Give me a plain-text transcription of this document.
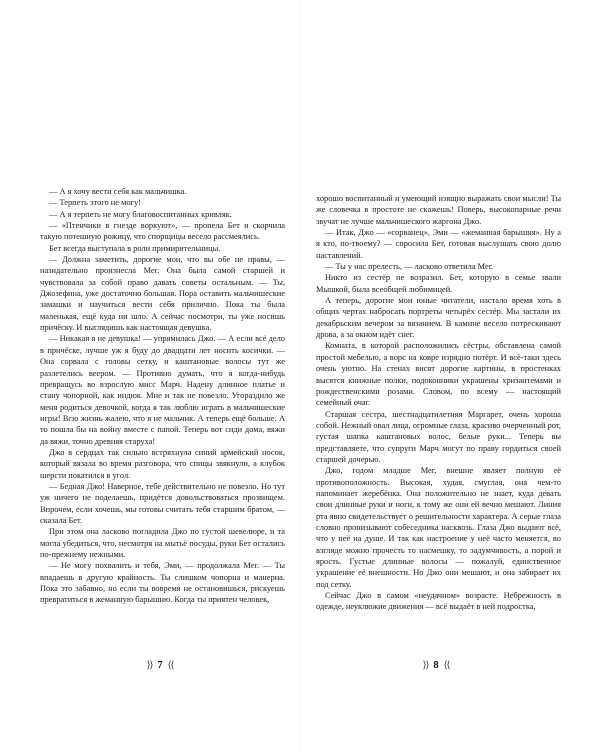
— А я хочу вести себя как мальчишка.

— Терпеть этого не могу!

— А я терпеть не могу благовоспитанных кривляк.

— «Птенчики в гнезде воркуют», — пропела Бет и скорчила такую потешную рожицу, что спорщицы весело рассмеялись.

Бет всегда выступала в роли примирительницы.

— Должна заметить, дорогие мои, что вы обе не правы, — назидательно произнесла Мег. Она была самой старшей и чувствовала за собой право давать советы остальным. — Ты, Джозефина, уже достаточно большая. Пора оставить мальчишеские замашки и научиться вести себя прилично. Пока ты была маленькая, ещё куда ни шло. А сейчас посмотри, ты уже носишь причёску. И выглядишь как настоящая девушка.

— Никакая я не девушка! — упрямилась Джо. — А если всё дело в причёске, лучше уж я буду до двадцати лет носить косички. — Она сорвала с головы сетку, и каштановые волосы тут же разлетелись веером. — Противно думать, что я когда-нибудь превращусь во взрослую мисс Марч. Надену длинное платье и стану чопорной, как индюк. Мне и так не повезло. Угораздило же меня родиться девочкой, когда я так люблю играть в мальчишеские игры! Всю жизнь жалею, что я не мальчик. А теперь ещё больше. А то пошла бы на войну вместе с папой. Теперь вот сиди дома, вяжи да вяжи, точно древняя старуха!

Джо в сердцах так сильно встряхнула синий армейский носок, который вязала во время разговора, что спицы звякнули, а клубок шерсти покатился в угол.

— Бедная Джо! Наверное, тебе действительно не повезло. Но тут уж ничего не поделаешь, придётся довольствоваться прозвищем. Впрочем, если хочешь, мы готовы считать тебя старшим братом, — сказала Бет.

При этом она ласково погладила Джо по густой шевелюре, и та могла убедиться, что, несмотря на мытьё посуды, руки Бет остались по-прежнему нежными.

— Не могу похвалить и тебя, Эми, — продолжала Мег. — Ты впадаешь в другую крайность. Ты слишком чопорна и манерна. Пока это забавно, но если ты вовремя не остановишься, рискуешь превратиться в жеманную барышню. Когда ты приятен человек,

⟩⟩ 7 ⟨⟨

хорошо воспитанный и умеющий изящно выражать свои мысли! Ты же словечка в простоте не скажешь! Поверь, высокопарные речи звучат не лучше мальчишеского жаргона Джо.

— Итак, Джо — «сорванец», Эми — «жеманная барышня». Ну а я кто, по-твоему? — спросила Бет, готовая выслушать свою долю наставлений.

— Ты у нас прелесть, — ласково ответила Мег.

Никто из сестёр не возразил. Бет, которую в семье звали Мышкой, была всеобщей любимицей.

А теперь, дорогие мои юные читатели, настало время хоть в общих чертах набросать портреты четырёх сестёр. Мы застали их декабрьским вечером за вязанием. В камине весело потрескивают дрова, а за окном идёт снег.

Комната, в которой расположились сёстры, обставлена самой простой мебелью, а ворс на ковре изрядно потёрт. И всё-таки здесь очень уютно. На стенах висят дорогие картины, в простенках высятся книжные полки, подоконники украшены хризантемами и рождественскими розами. Словом, по всему — настоящий семейный очаг.

Старшая сестра, шестнадцатилетняя Маргарет, очень хороша собой. Нежный овал лица, огромные глаза, красиво очерченный рот, густая шапка каштановых волос, белые руки... Теперь вы представляете, что супруги Марч могут по праву гордиться своей старшей дочерью.

Джо, годом младше Мег, внешне являет полную её противоположность. Высокая, худая, смуглая, она чем-то напоминает жеребёнка. Она положительно не знает, куда девать свои длинные руки и ноги, к тому же они ей вечно мешают. Линия рта явно свидетельствует о решительности характера. А серые глаза словно пронизывают собеседника насквозь. Глаза Джо выдают всё, что у неё на душе. И так как настроение у неё часто меняется, во взгляде можно прочесть то насмешку, то задумчивость, а порой и ярость. Густые длинные волосы — пожалуй, единственное украшение её внешности. Но Джо они мешают, и она забирает их под сетку.

Сейчас Джо в самом «неудачном» возрасте. Небрежность в одежде, неуклюжие движения — всё выдаёт в ней подростка,

⟩⟩ 8 ⟨⟨
